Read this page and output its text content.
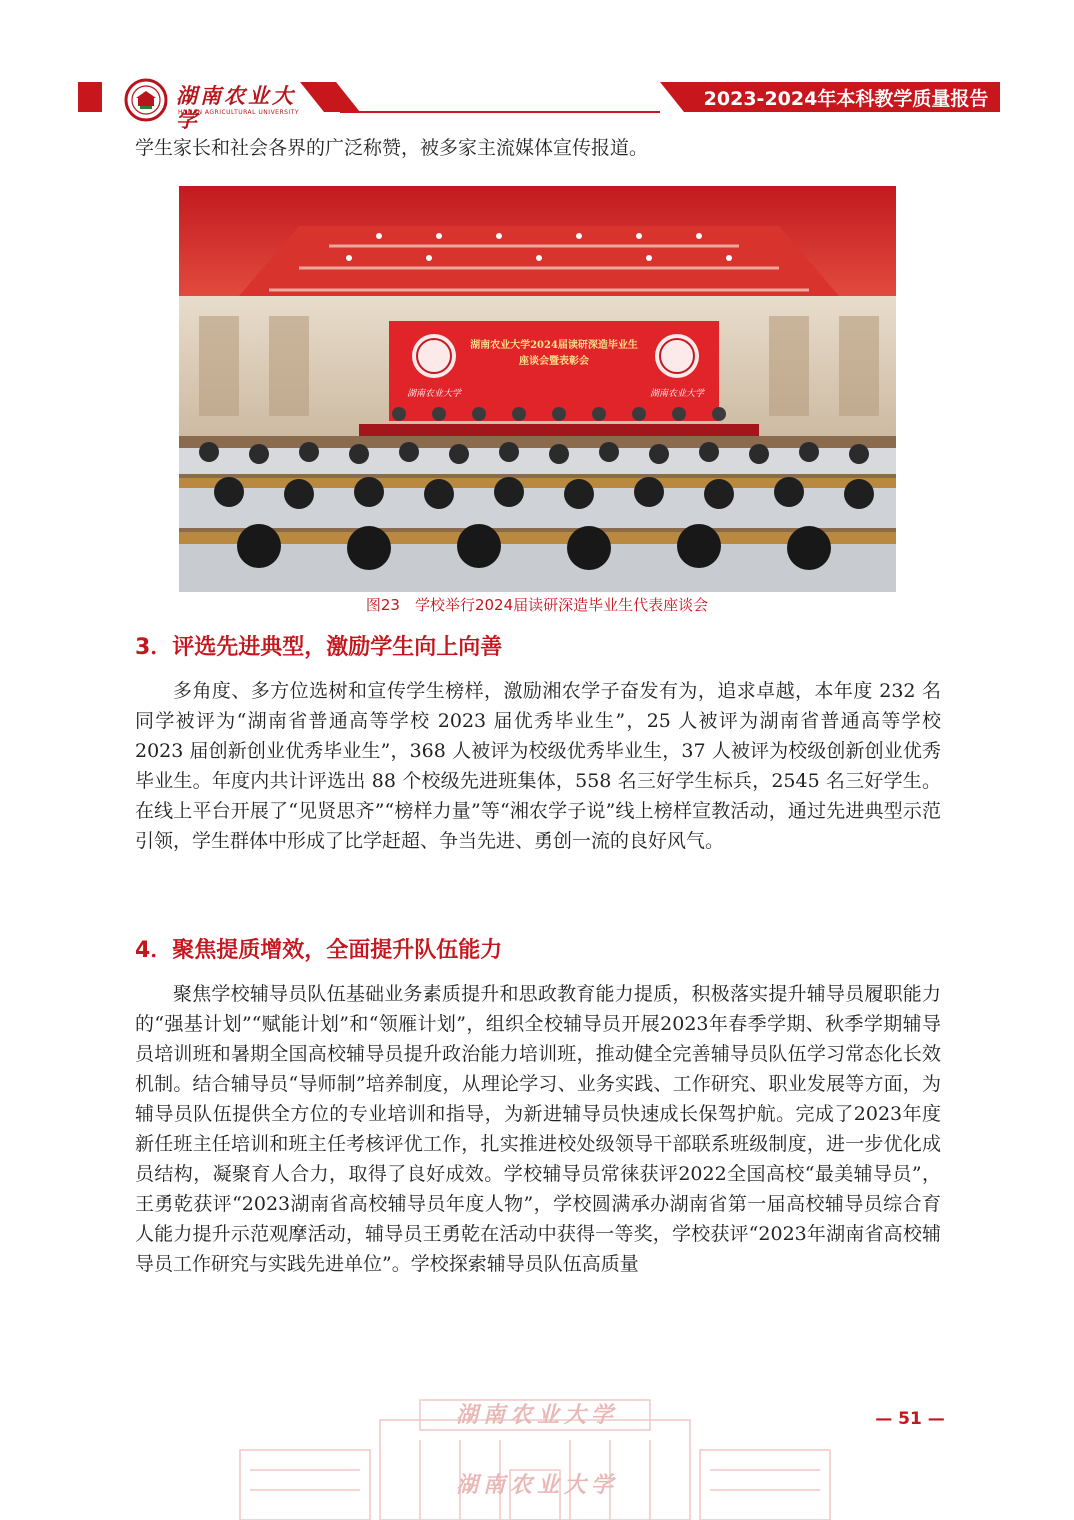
湖南农业大学
HUNAN AGRICULTURAL UNIVERSITY
2023-2024年本科教学质量报告

学生家长和社会各界的广泛称赞，被多家主流媒体宣传报道。

湖南农业大学2024届读研深造毕业生
座谈会暨表彰会
湖南农业大学	湖南农业大学
图23　学校举行2024届读研深造毕业生代表座谈会
3．评选先进典型，激励学生向上向善

多角度、多方位选树和宣传学生榜样，激励湘农学子奋发有为，追求卓越，本年度 232 名同学被评为“湖南省普通高等学校 2023 届优秀毕业生”，25 人被评为湖南省普通高等学校 2023 届创新创业优秀毕业生”，368 人被评为校级优秀毕业生，37 人被评为校级创新创业优秀毕业生。年度内共计评选出 88 个校级先进班集体，558 名三好学生标兵，2545 名三好学生。在线上平台开展了“见贤思齐”“榜样力量”等“湘农学子说”线上榜样宣教活动，通过先进典型示范引领，学生群体中形成了比学赶超、争当先进、勇创一流的良好风气。

4．聚焦提质增效，全面提升队伍能力

聚焦学校辅导员队伍基础业务素质提升和思政教育能力提质，积极落实提升辅导员履职能力的“强基计划”“赋能计划”和“领雁计划”，组织全校辅导员开展2023年春季学期、秋季学期辅导员培训班和暑期全国高校辅导员提升政治能力培训班，推动健全完善辅导员队伍学习常态化长效机制。结合辅导员“导师制”培养制度，从理论学习、业务实践、工作研究、职业发展等方面，为辅导员队伍提供全方位的专业培训和指导，为新进辅导员快速成长保驾护航。完成了2023年度新任班主任培训和班主任考核评优工作，扎实推进校处级领导干部联系班级制度，进一步优化成员结构，凝聚育人合力，取得了良好成效。学校辅导员常徕获评2022全国高校“最美辅导员”，王勇乾获评“2023湖南省高校辅导员年度人物”，学校圆满承办湖南省第一届高校辅导员综合育人能力提升示范观摩活动，辅导员王勇乾在活动中获得一等奖，学校获评“2023年湖南省高校辅导员工作研究与实践先进单位”。学校探索辅导员队伍高质量

湖南农业大学
湖南农业大学
— 51 —
